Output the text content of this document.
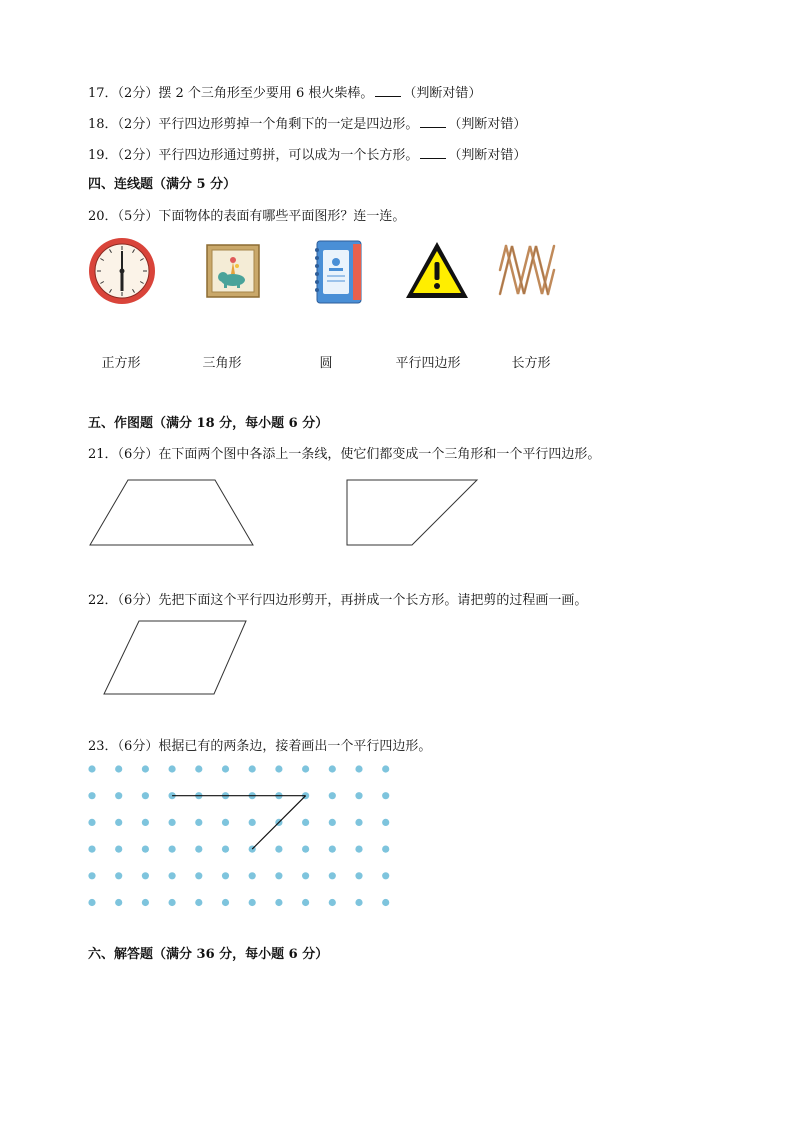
17．（2分）摆 2 个三角形至少要用 6 根火柴棒。 （判断对错）
18．（2分）平行四边形剪掉一个角剩下的一定是四边形。 （判断对错）
19．（2分）平行四边形通过剪拼，可以成为一个长方形。 （判断对错）
四、连线题（满分 5 分）
20．（5分）下面物体的表面有哪些平面图形？连一连。
正方形	三角形	圆	平行四边形	长方形
五、作图题（满分 18 分，每小题 6 分）
21．（6分）在下面两个图中各添上一条线，使它们都变成一个三角形和一个平行四边形。
22．（6分）先把下面这个平行四边形剪开，再拼成一个长方形。请把剪的过程画一画。
23．（6分）根据已有的两条边，接着画出一个平行四边形。
六、解答题（满分 36 分，每小题 6 分）
